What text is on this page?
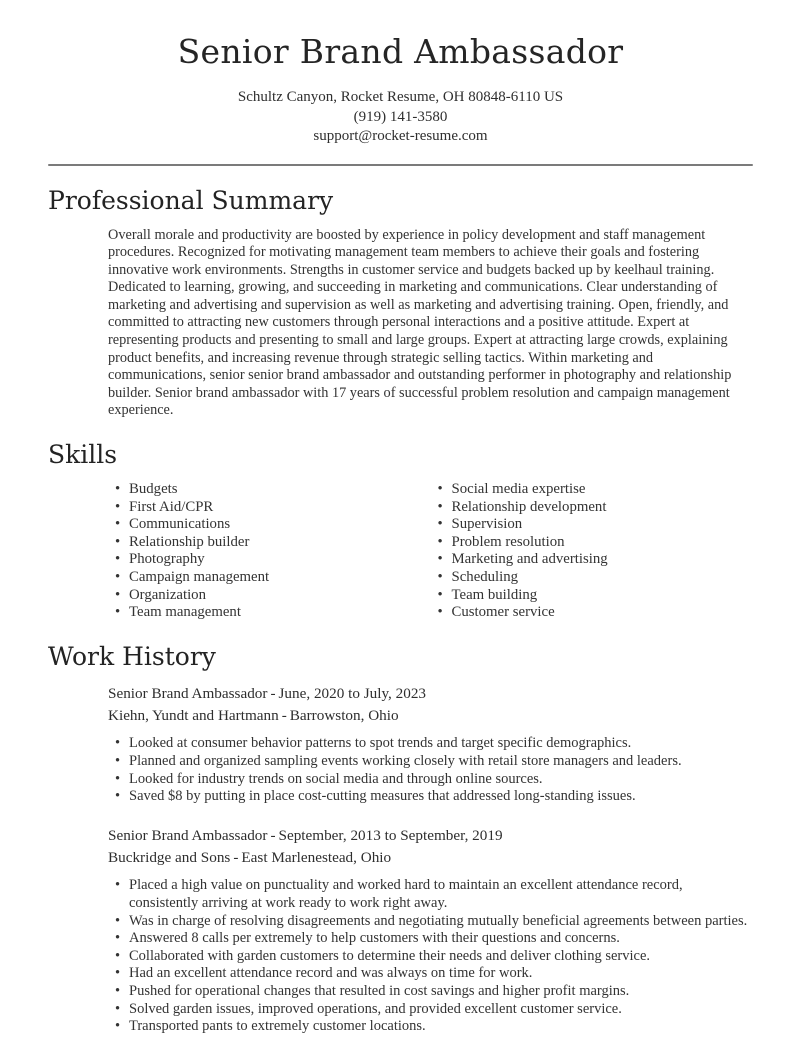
Senior Brand Ambassador
Schultz Canyon, Rocket Resume, OH 80848-6110 US
(919) 141-3580
support@rocket-resume.com
Professional Summary

Overall morale and productivity are boosted by experience in policy development and staff management procedures. Recognized for motivating management team members to achieve their goals and fostering innovative work environments. Strengths in customer service and budgets backed up by keelhaul training. Dedicated to learning, growing, and succeeding in marketing and communications. Clear understanding of marketing and advertising and supervision as well as marketing and advertising training. Open, friendly, and committed to attracting new customers through personal interactions and a positive attitude. Expert at representing products and presenting to small and large groups. Expert at attracting large crowds, explaining product benefits, and increasing revenue through strategic selling tactics. Within marketing and communications, senior senior brand ambassador and outstanding performer in photography and relationship builder. Senior brand ambassador with 17 years of successful problem resolution and campaign management experience.

Skills
• Budgets
• First Aid/CPR
• Communications
• Relationship builder
• Photography
• Campaign management
• Organization
• Team management
• Social media expertise
• Relationship development
• Supervision
• Problem resolution
• Marketing and advertising
• Scheduling
• Team building
• Customer service
Work History
Senior Brand Ambassador - June, 2020 to July, 2023
Kiehn, Yundt and Hartmann - Barrowston, Ohio
• Looked at consumer behavior patterns to spot trends and target specific demographics.
• Planned and organized sampling events working closely with retail store managers and leaders.
• Looked for industry trends on social media and through online sources.
• Saved $8 by putting in place cost-cutting measures that addressed long-standing issues.
Senior Brand Ambassador - September, 2013 to September, 2019
Buckridge and Sons - East Marlenestead, Ohio
• Placed a high value on punctuality and worked hard to maintain an excellent attendance record, consistently arriving at work ready to work right away.
• Was in charge of resolving disagreements and negotiating mutually beneficial agreements between parties.
• Answered 8 calls per extremely to help customers with their questions and concerns.
• Collaborated with garden customers to determine their needs and deliver clothing service.
• Had an excellent attendance record and was always on time for work.
• Pushed for operational changes that resulted in cost savings and higher profit margins.
• Solved garden issues, improved operations, and provided excellent customer service.
• Transported pants to extremely customer locations.
